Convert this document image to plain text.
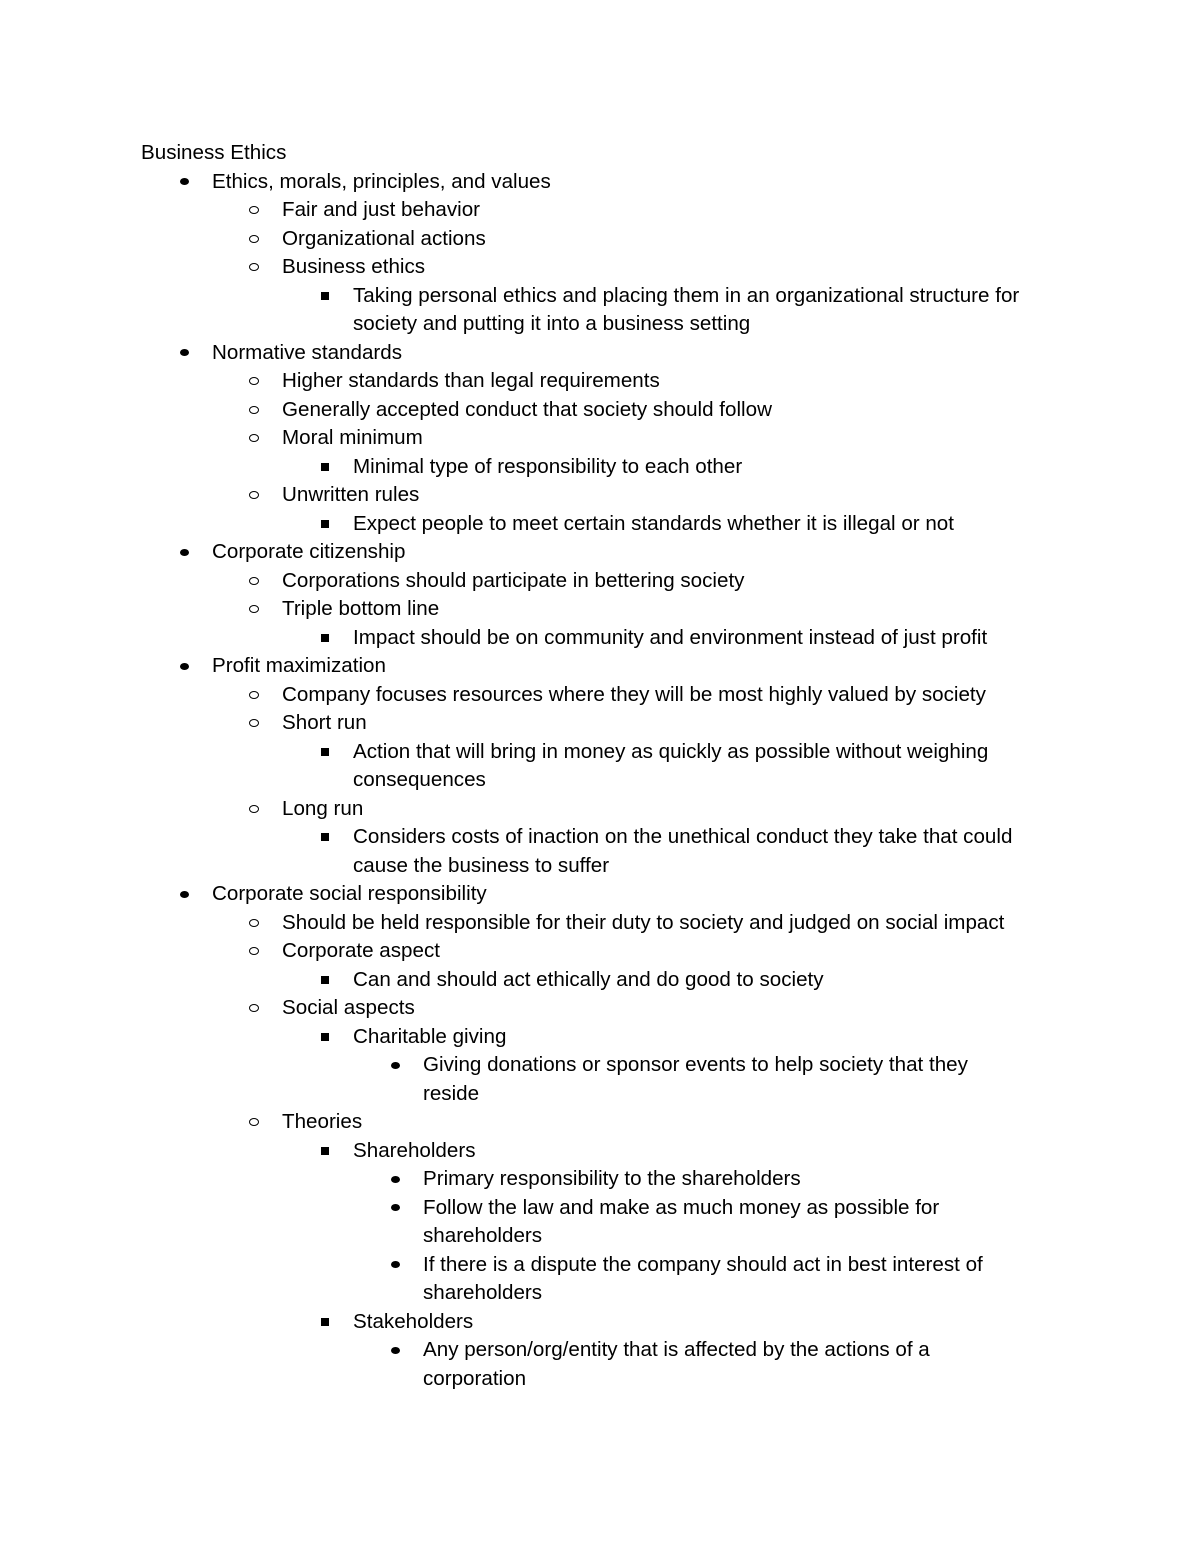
Business Ethics
Ethics, morals, principles, and values
Fair and just behavior
Organizational actions
Business ethics
Taking personal ethics and placing them in an organizational structure for society and putting it into a business setting
Normative standards
Higher standards than legal requirements
Generally accepted conduct that society should follow
Moral minimum
Minimal type of responsibility to each other
Unwritten rules
Expect people to meet certain standards whether it is illegal or not
Corporate citizenship
Corporations should participate in bettering society
Triple bottom line
Impact should be on community and environment instead of just profit
Profit maximization
Company focuses resources where they will be most highly valued by society
Short run
Action that will bring in money as quickly as possible without weighing consequences
Long run
Considers costs of inaction on the unethical conduct they take that could cause the business to suffer
Corporate social responsibility
Should be held responsible for their duty to society and judged on social impact
Corporate aspect
Can and should act ethically and do good to society
Social aspects
Charitable giving
Giving donations or sponsor events to help society that they reside
Theories
Shareholders
Primary responsibility to the shareholders
Follow the law and make as much money as possible for shareholders
If there is a dispute the company should act in best interest of shareholders
Stakeholders
Any person/org/entity that is affected by the actions of a corporation
